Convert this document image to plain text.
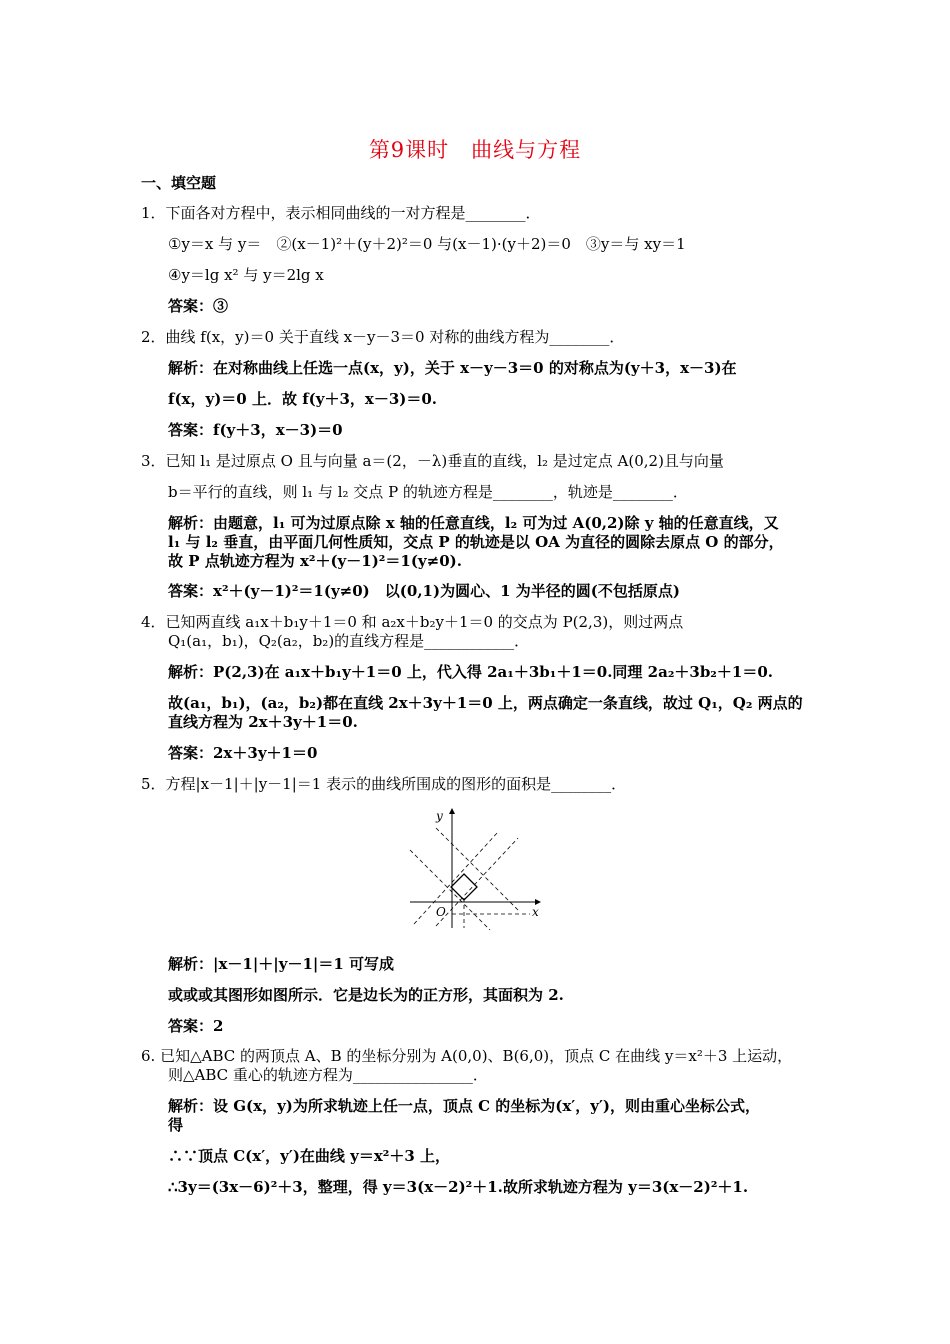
第9课时　曲线与方程
一、填空题
1．下面各对方程中，表示相同曲线的一对方程是________．
①y＝x 与 y＝　②(x－1)²＋(y＋2)²＝0 与(x－1)·(y＋2)＝0　③y＝与 xy＝1
④y＝lg x² 与 y＝2lg x
答案：③
2．曲线 f(x，y)＝0 关于直线 x－y－3＝0 对称的曲线方程为________．
解析：在对称曲线上任选一点(x，y)，关于 x－y－3＝0 的对称点为(y＋3，x－3)在
f(x，y)＝0 上．故 f(y＋3，x－3)＝0.
答案：f(y＋3，x－3)＝0
3．已知 l₁ 是过原点 O 且与向量 a＝(2，－λ)垂直的直线，l₂ 是过定点 A(0,2)且与向量
b＝平行的直线，则 l₁ 与 l₂ 交点 P 的轨迹方程是________，轨迹是________．
解析：由题意，l₁ 可为过原点除 x 轴的任意直线，l₂ 可为过 A(0,2)除 y 轴的任意直线，又
l₁ 与 l₂ 垂直，由平面几何性质知，交点 P 的轨迹是以 OA 为直径的圆除去原点 O 的部分，
故 P 点轨迹方程为 x²＋(y－1)²＝1(y≠0).
答案：x²＋(y－1)²＝1(y≠0)　以(0,1)为圆心、1 为半径的圆(不包括原点)
4．已知两直线 a₁x＋b₁y＋1＝0 和 a₂x＋b₂y＋1＝0 的交点为 P(2,3)，则过两点
Q₁(a₁，b₁)，Q₂(a₂，b₂)的直线方程是____________．
解析：P(2,3)在 a₁x＋b₁y＋1＝0 上，代入得 2a₁＋3b₁＋1＝0.同理 2a₂＋3b₂＋1＝0.
故(a₁，b₁)，(a₂，b₂)都在直线 2x＋3y＋1＝0 上，两点确定一条直线，故过 Q₁，Q₂ 两点的
直线方程为 2x＋3y＋1＝0.
答案：2x＋3y＋1＝0
5．方程|x－1|＋|y－1|＝1 表示的曲线所围成的图形的面积是________．
y
x
O
解析：|x－1|＋|y－1|＝1 可写成
或或或其图形如图所示．它是边长为的正方形，其面积为 2.
答案：2
6. 已知△ABC 的两顶点 A、B 的坐标分别为 A(0,0)、B(6,0)，顶点 C 在曲线 y＝x²＋3 上运动，
则△ABC 重心的轨迹方程为________________．
解析：设 G(x，y)为所求轨迹上任一点，顶点 C 的坐标为(x′，y′)，则由重心坐标公式，
得
∴∵顶点 C(x′，y′)在曲线 y＝x²＋3 上，
∴3y＝(3x－6)²＋3，整理，得 y＝3(x－2)²＋1.故所求轨迹方程为 y＝3(x－2)²＋1.
